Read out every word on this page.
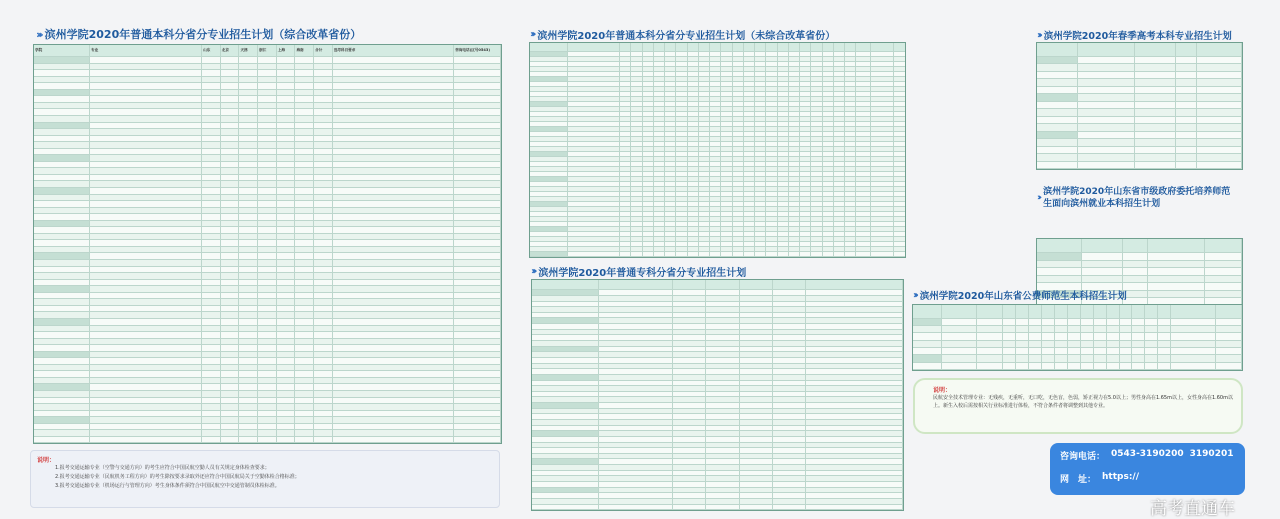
››› 滨州学院2020年普通本科分省分专业招生计划（综合改革省份）
学院	专业	山东	北京	天津	浙江	上海	海南	合计	选考科目要求	咨询电话(区号0543)
说明：
1.报考交通运输专业（空警与交通方向）的考生应符合中国民航空勤人员有关规定身体检查要求；
2.报考交通运输专业（民航机务工程方向）的考生除按要求录取外还应符合中国民航局关于空勤体检合格标准；
3.报考交通运输专业（机场运行与管理方向）考生身体条件须符合中国民航空中交通管制员体检标准。
››› 滨州学院2020年普通本科分省分专业招生计划（未综合改革省份）
››› 滨州学院2020年普通专科分省分专业招生计划
››› 滨州学院2020年春季高考本科专业招生计划
›››
滨州学院2020年山东省市级政府委托培养师范生面向滨州就业本科招生计划
››› 滨州学院2020年山东省公费师范生本科招生计划
说明：
民航安全技术管理专业：无残疾，无重听，无口吃，无色盲，色弱，矫正视力在5.0以上；男性身高在1.65m以上，女性身高在1.60m以上。新生入校后需按相关行业标准进行体检，不符合条件者将调整到其他专业。
咨询电话： 0543-3190200 3190201
网　址： https://
高考直通车
